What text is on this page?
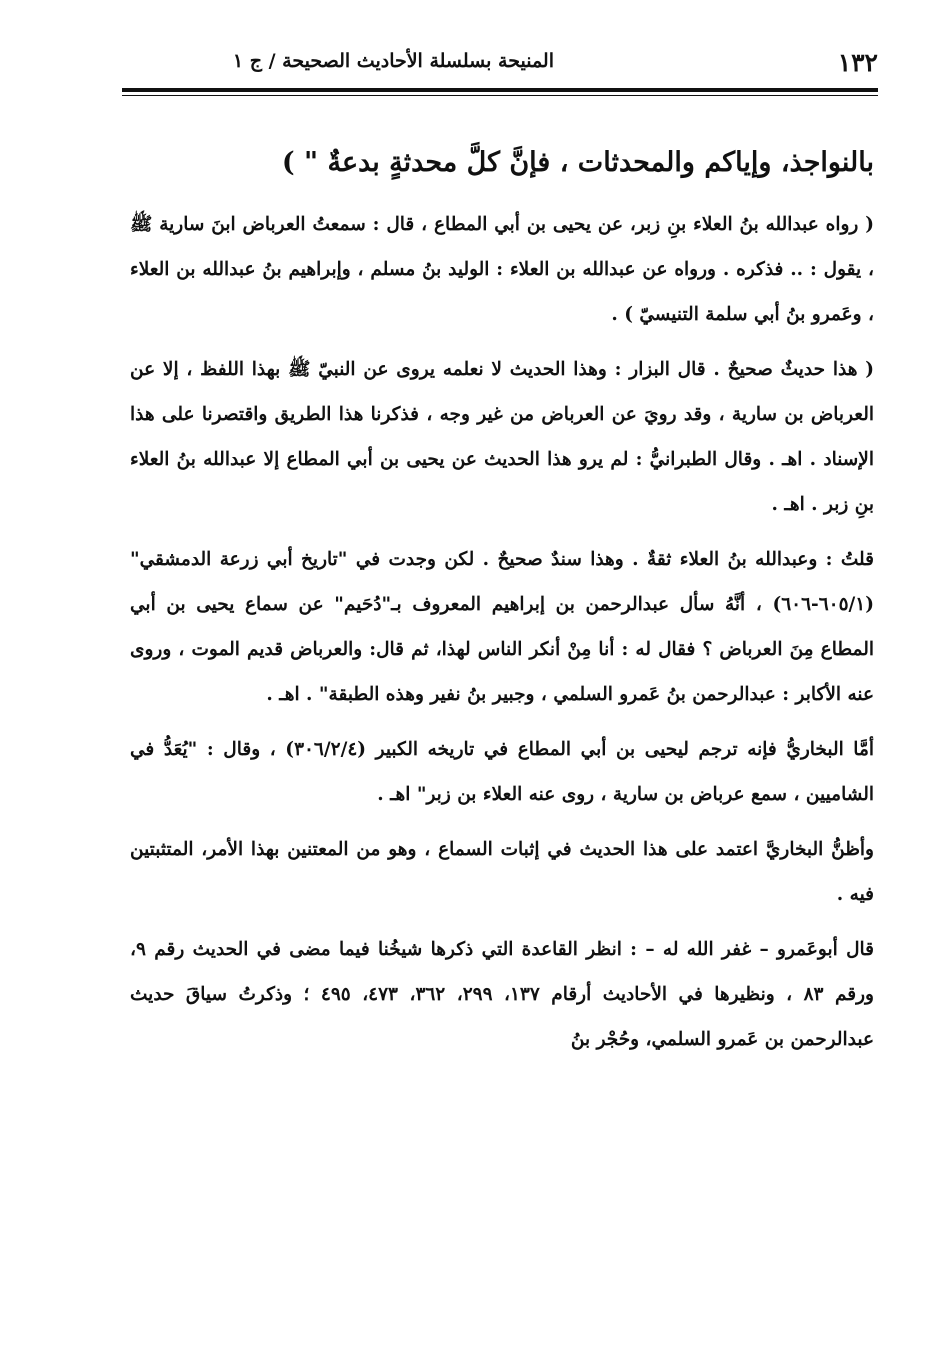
١٣٢
المنيحة بسلسلة الأحاديث الصحيحة / ج ١

بالنواجذ، وإياكم والمحدثات ، فإنَّ كلَّ محدثةٍ بدعةٌ " )

( رواه عبدالله بنُ العلاء بنِ زبر، عن يحيى بن أبي المطاع ، قال : سمعتُ العرباض ابنَ سارية ﷺ ، يقول : .. فذكره . ورواه عن عبدالله بن العلاء : الوليد بنُ مسلم ، وإبراهيم بنُ عبدالله بن العلاء ، وعَمرو بنُ أبي سلمة التنيسيّ ) .

( هذا حديثٌ صحيحٌ . قال البزار : وهذا الحديث لا نعلمه يروى عن النبيّ ﷺ بهذا اللفظ ، إلا عن العرباض بن سارية ، وقد رويَ عن العرباض من غير وجه ، فذكرنا هذا الطريق واقتصرنا على هذا الإسناد . اهـ . وقال الطبرانيُّ : لم يرو هذا الحديث عن يحيى بن أبي المطاع إلا عبدالله بنُ العلاء بنِ زبر . اهـ .

قلتُ : وعبدالله بنُ العلاء ثقةٌ . وهذا سندٌ صحيحٌ . لكن وجدت في "تاريخ أبي زرعة الدمشقي" (٦٠٥/١-٦٠٦) ، أنَّهُ سأل عبدالرحمن بن إبراهيم المعروف بـ"دُحَيم" عن سماع يحيى بن أبي المطاع مِنَ العرباض ؟ فقال له : أنا مِنْ أنكر الناس لهذا، ثم قال: والعرباض قديم الموت ، وروى عنه الأكابر : عبدالرحمن بنُ عَمرو السلمي ، وجبير بنُ نفير وهذه الطبقة" . اهـ .

أمَّا البخاريُّ فإنه ترجم ليحيى بن أبي المطاع في تاريخه الكبير (٣٠٦/٢/٤) ، وقال : "يُعَدُّ في الشاميين ، سمع عرباض بن سارية ، روى عنه العلاء بن زبر" اهـ .

وأظنُّ البخاريَّ اعتمد على هذا الحديث في إثبات السماع ، وهو من المعتنين بهذا الأمر، المتثبتين فيه .

قال أبوعَمرو – غفر الله له – : انظر القاعدة التي ذكرها شيخُنا فيما مضى في الحديث رقم ٩، ورقم ٨٣ ، ونظيرها في الأحاديث أرقام ١٣٧، ٢٩٩، ٣٦٢، ٤٧٣، ٤٩٥ ؛ وذكرتُ سياقَ حديث عبدالرحمن بن عَمرو السلمي، وحُجْر بنُ
